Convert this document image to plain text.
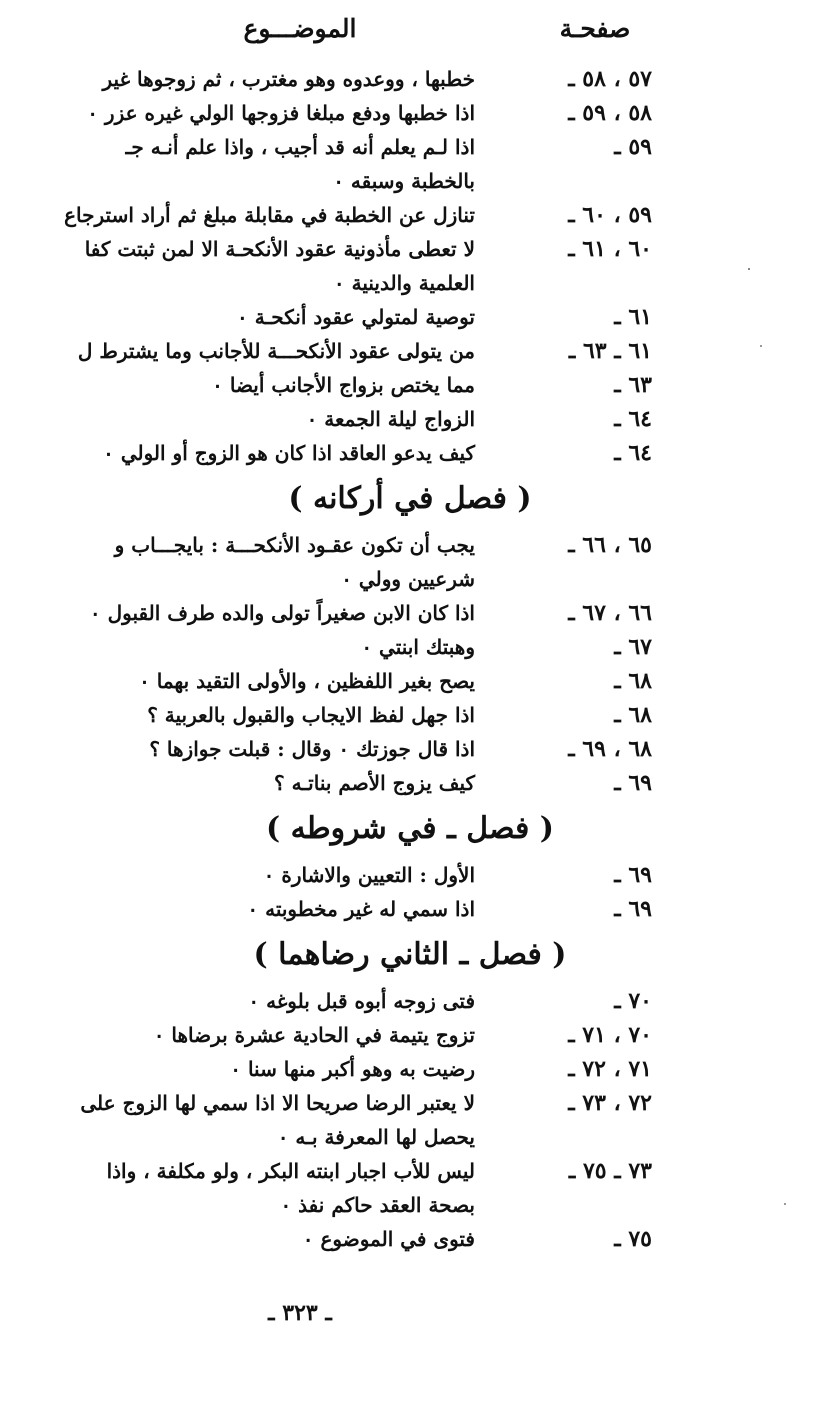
صفحـة
الموضـــوع
٥٧ ، ٥٨ ـ
خطبها ، ووعدوه وهو مغترب ، ثم زوجوها غير
٥٨ ، ٥٩ ـ
اذا خطبها ودفع مبلغا فزوجها الولي غيره عزر ٠
٥٩ ـ
اذا لـم يعلم أنه قد أجيب ، واذا علم أنـه جـ
بالخطبة وسبقه ٠
٥٩ ، ٦٠ ـ
تنازل عن الخطبة في مقابلة مبلغ ثم أراد استرجاع
٦٠ ، ٦١ ـ
لا تعطى مأذونية عقود الأنكحـة الا لمن ثبتت كفا
العلمية والدينية ٠
٦١ ـ
توصية لمتولي عقود أنكحـة ٠
٦١ ـ ٦٣ ـ
من يتولى عقود الأنكحـــة للأجانب وما يشترط ل
٦٣ ـ
مما يختص بزواج الأجانب أيضا ٠
٦٤ ـ
الزواج ليلة الجمعة ٠
٦٤ ـ
كيف يدعو العاقد اذا كان هو الزوج أو الولي ٠
( فصل في أركانه )
٦٥ ، ٦٦ ـ
يجب أن تكون عقـود الأنكحـــة : بايجـــاب و
شرعيين وولي ٠
٦٦ ، ٦٧ ـ
اذا كان الابن صغيراً تولى والده طرف القبول ٠
٦٧ ـ
وهبتك ابنتي ٠
٦٨ ـ
يصح بغير اللفظين ، والأولى التقيد بهما ٠
٦٨ ـ
اذا جهل لفظ الايجاب والقبول بالعربية ؟
٦٨ ، ٦٩ ـ
اذا قال جوزتك ٠ وقال : قبلت جوازها ؟
٦٩ ـ
كيف يزوج الأصم بناتـه ؟
( فصل ـ في شروطه )
٦٩ ـ
الأول : التعيين والاشارة ٠
٦٩ ـ
اذا سمي له غير مخطوبته ٠
( فصل ـ الثاني رضاهما )
٧٠ ـ
فتى زوجه أبوه قبل بلوغه ٠
٧٠ ، ٧١ ـ
تزوج يتيمة في الحادية عشرة برضاها ٠
٧١ ، ٧٢ ـ
رضيت به وهو أكبر منها سنا ٠
٧٢ ، ٧٣ ـ
لا يعتبر الرضا صريحا الا اذا سمي لها الزوج على
يحصل لها المعرفة بـه ٠
٧٣ ـ ٧٥ ـ
ليس للأب اجبار ابنته البكر ، ولو مكلفة ، واذا
بصحة العقد حاكم نفذ ٠
٧٥ ـ
فتوى في الموضوع ٠
ـ ٣٢٣ ـ
